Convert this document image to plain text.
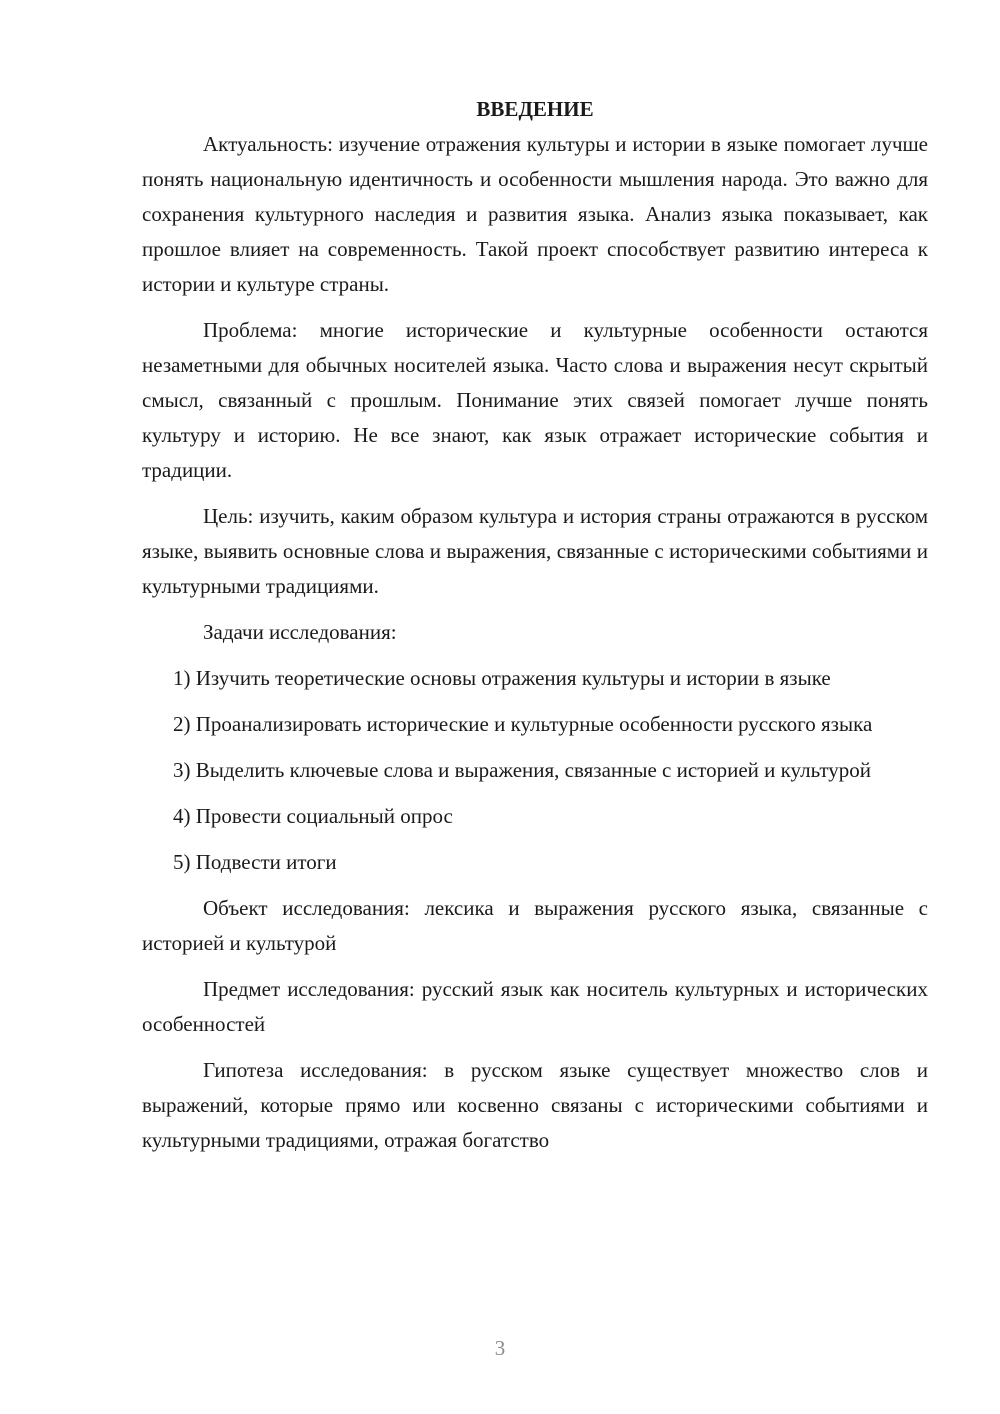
ВВЕДЕНИЕ

Актуальность: изучение отражения культуры и истории в языке помогает лучше понять национальную идентичность и особенности мышления народа. Это важно для сохранения культурного наследия и развития языка. Анализ языка показывает, как прошлое влияет на современность. Такой проект способствует развитию интереса к истории и культуре страны.

Проблема: многие исторические и культурные особенности остаются незаметными для обычных носителей языка. Часто слова и выражения несут скрытый смысл, связанный с прошлым. Понимание этих связей помогает лучше понять культуру и историю. Не все знают, как язык отражает исторические события и традиции.

Цель: изучить, каким образом культура и история страны отражаются в русском языке, выявить основные слова и выражения, связанные с историческими событиями и культурными традициями.

Задачи исследования:

1) Изучить теоретические основы отражения культуры и истории в языке

2) Проанализировать исторические и культурные особенности русского языка

3) Выделить ключевые слова и выражения, связанные с историей и культурой

4) Провести социальный опрос

5) Подвести итоги

Объект исследования: лексика и выражения русского языка, связанные с историей и культурой

Предмет исследования: русский язык как носитель культурных и исторических особенностей

Гипотеза исследования: в русском языке существует множество слов и выражений, которые прямо или косвенно связаны с историческими событиями и культурными традициями, отражая богатство

3
